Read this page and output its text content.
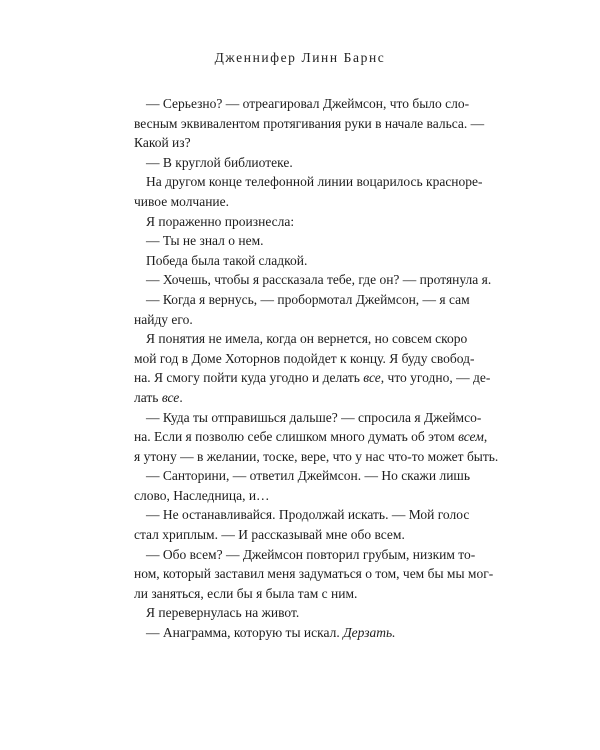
Дженнифер Линн Барнс
— Серьезно? — отреагировал Джеймсон, что было сло-
весным эквивалентом протягивания руки в начале вальса. —
Какой из?
— В круглой библиотеке.
На другом конце телефонной линии воцарилось красноре-
чивое молчание.
Я пораженно произнесла:
— Ты не знал о нем.
Победа была такой сладкой.
— Хочешь, чтобы я рассказала тебе, где он? — протянула я.
— Когда я вернусь, — пробормотал Джеймсон, — я сам
найду его.
Я понятия не имела, когда он вернется, но совсем скоро
мой год в Доме Хоторнов подойдет к концу. Я буду свобод-
на. Я смогу пойти куда угодно и делать все, что угодно, — де-
лать все.
— Куда ты отправишься дальше? — спросила я Джеймсо-
на. Если я позволю себе слишком много думать об этом всем,
я утону — в желании, тоске, вере, что у нас что-то может быть.
— Санторини, — ответил Джеймсон. — Но скажи лишь
слово, Наследница, и…
— Не останавливайся. Продолжай искать. — Мой голос
стал хриплым. — И рассказывай мне обо всем.
— Обо всем? — Джеймсон повторил грубым, низким то-
ном, который заставил меня задуматься о том, чем бы мы мог-
ли заняться, если бы я была там с ним.
Я перевернулась на живот.
— Анаграмма, которую ты искал. Дерзать.
